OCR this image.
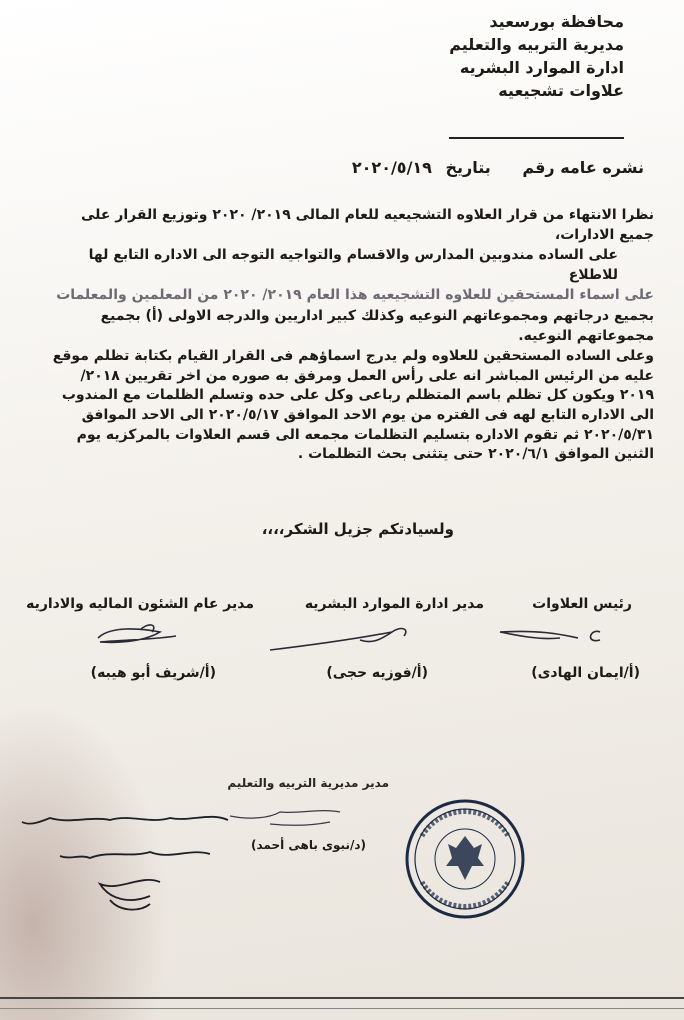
محافظة بورسعيد
مديرية التربيه والتعليم
ادارة الموارد البشريه
علاوات تشجيعيه
نشره عامه رقم بتاريخ ٢٠٢٠/٥/١٩

نظرا الانتهاء من قرار العلاوه التشجيعيه للعام المالى ٢٠١٩/ ٢٠٢٠ وتوزيع القرار على جميع الادارات،

على الساده مندوبين المدارس والاقسام والتواجيه التوجه الى الاداره التابع لها للاطلاع

على اسماء المستحقين للعلاوه التشجيعيه هذا العام ٢٠١٩/ ٢٠٢٠ من المعلمين والمعلمات

بجميع درجاتهم ومجموعاتهم النوعيه وكذلك كبير اداريين والدرجه الاولى (أ) بجميع مجموعاتهم النوعيه.

وعلى الساده المستحقين للعلاوه ولم يدرج اسماؤهم فى القرار القيام بكتابة تظلم موقع عليه من الرئيس المباشر انه على رأس العمل ومرفق به صوره من اخر تقريين ٢٠١٨/ ٢٠١٩ ويكون كل تظلم باسم المتظلم رباعى وكل على حده وتسلم الظلمات مع المندوب الى الاداره التابع لهه فى الفتره من يوم الاحد الموافق ٢٠٢٠/٥/١٧ الى الاحد الموافق ٢٠٢٠/٥/٣١ ثم تقوم الاداره بتسليم التظلمات مجمعه الى قسم العلاوات بالمركزيه يوم الثنين الموافق ٢٠٢٠/٦/١ حتى يتثنى بحث التظلمات .

ولسيادتكم جزيل الشكر،،،،
رئيس العلاوات
مدير ادارة الموارد البشريه
مدير عام الشئون الماليه والاداريه
(أ/ايمان الهادى)
(أ/فوزيه حجى)
(أ/شريف أبو هيبه)
مدير مديرية التربيه والتعليم
(د/نبوى باهى أحمد)
